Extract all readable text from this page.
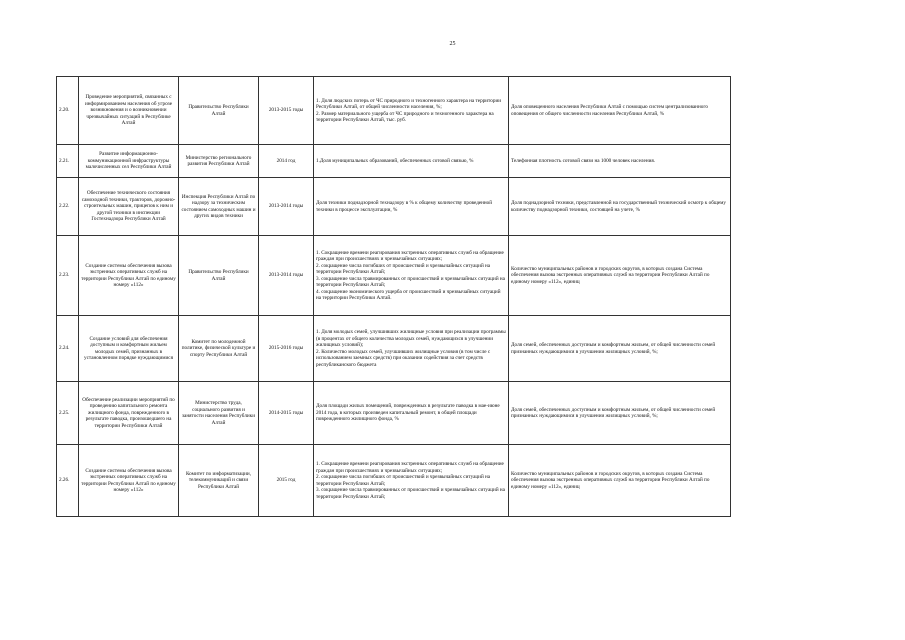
25
2.20.	Проведение мероприятий, связанных с информированием населения об угрозе возникновения и о возникновении чрезвычайных ситуаций в Республике Алтай	Правительство Республики Алтай	2013-2015 годы	1. Доля людских потерь от ЧС природного и техногенного характера на территории Республики Алтай, от общей численности населения, %;
2. Размер материального ущерба от ЧС природного и техногенного характера на территории Республики Алтай, тыс. руб.	Доля оповещенного населения Республики Алтай с помощью систем централизованного оповещения от общего численности населения Республики Алтай, %
2.21.	Развитие информационно-коммуникационной инфраструктуры малочисленных сел Республики Алтай	Министерство регионального развития Республики Алтай	2014 год	1.Доля муниципальных образований, обеспеченных сотовой связью, %	Телефонная плотность сотовой связи на 1000 человек населения.
2.22.	Обеспечение технического состояния самоходной техники, тракторов, дорожно-строительных машин, прицепов к ним и другой техники в инспекции Гостехнадзора Республики Алтай	Инспекция Республики Алтай по надзору за техническим состоянием самоходных машин и других видов техники	2013-2014 годы	Доля техники поднадзорной технадзору в % к общему количеству проведенной техники в процессе эксплуатации, %	Доля поднадзорной техники, представленной на государственный технический осмотр к общему количеству поднадзорной техники, состоящей на учете, %
2.23.	Создание системы обеспечения вызова экстренных оперативных служб на территории Республики Алтай по единому номеру «112»	Правительство Республики Алтай	2013-2014 годы	1. Сокращение времени реагирования экстренных оперативных служб на обращение граждан при происшествиях и чрезвычайных ситуациях;
2. сокращение числа погибших от происшествий и чрезвычайных ситуаций на территории Республики Алтай;
3. сокращение числа травмированных от происшествий и чрезвычайных ситуаций на территории Республики Алтай;
4. сокращение экономического ущерба от происшествий и чрезвычайных ситуаций на территории Республики Алтай.	Количество муниципальных районов и городских округов, в которых создана Система обеспечения вызова экстренных оперативных служб на территории Республики Алтай по единому номеру «112», единиц
2.24.	Создание условий для обеспечения доступным и комфортным жильем молодых семей, признанных в установленном порядке нуждающимися	Комитет по молодежной политике, физической культуре и спорту Республики Алтай	2015-2016 годы	1. Доля молодых семей, улучшивших жилищные условия при реализации программы (в процентах от общего количества молодых семей, нуждающихся в улучшении жилищных условий);
2. Количество молодых семей, улучшивших жилищные условия (в том числе с использованием заемных средств) при оказании содействия за счет средств республиканского бюджета	Доля семей, обеспеченных доступным и комфортным жильем, от общей численности семей признанных нуждающимися в улучшении жилищных условий, %;
2.25.	Обеспечение реализации мероприятий по проведению капитального ремонта жилищного фонда, поврежденного в результате паводка, произошедшего на территории Республики Алтай	Министерство труда, социального развития и занятости населения Республики Алтай	2014-2015 годы	Доля площади жилых помещений, поврежденных в результате паводка в мае-июне 2014 года, в которых произведен капитальный ремонт, в общей площади поврежденного жилищного фонда, %	Доля семей, обеспеченных доступным и комфортным жильем, от общей численности семей признанных нуждающимися в улучшении жилищных условий, %;
2.26.	Создание системы обеспечения вызова экстренных оперативных служб на территории Республики Алтай по единому номеру «112»	Комитет по информатизации, телекоммуникаций и связи Республики Алтай	2015 год	1. Сокращение времени реагирования экстренных оперативных служб на обращение граждан при происшествиях и чрезвычайных ситуациях;
2. сокращение числа погибших от происшествий и чрезвычайных ситуаций на территории Республики Алтай;
3. сокращение числа травмированных от происшествий и чрезвычайных ситуаций на территории Республики Алтай;	Количество муниципальных районов и городских округов, в которых создана Система обеспечения вызова экстренных оперативных служб на территории Республики Алтай по единому номеру «112», единиц
